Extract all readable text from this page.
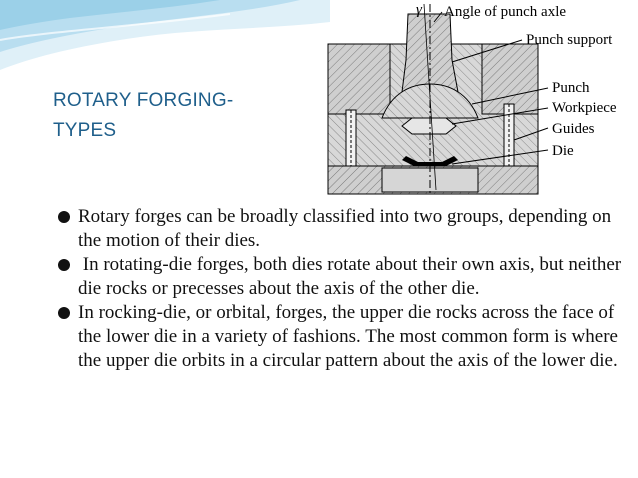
ROTARY FORGING-
TYPES
γ Angle of punch axle
Punch support
Punch
Workpiece
Guides
Die
Rotary forges can be broadly classified into two groups, depending on the motion of their dies.
In rotating-die forges, both dies rotate about their own axis, but neither die rocks or precesses about the axis of the other die.
In rocking-die, or orbital, forges, the upper die rocks across the face of the lower die in a variety of fashions. The most common form is where the upper die orbits in a circular pattern about the axis of the lower die.
